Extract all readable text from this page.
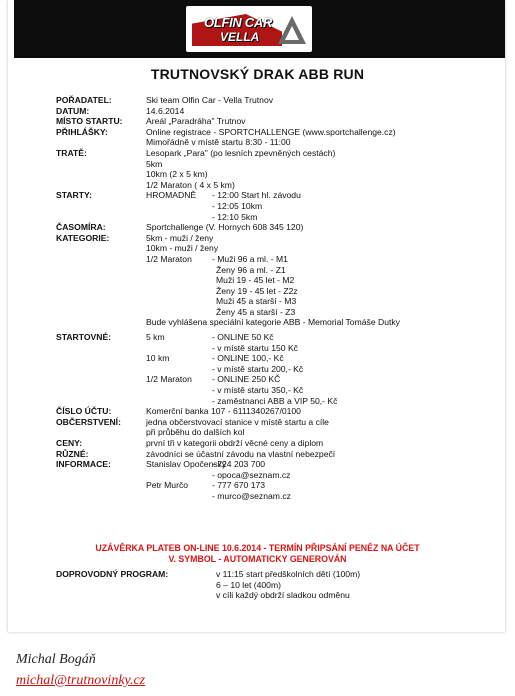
OLFIN CAR
VELLA
TRUTNOVSKÝ DRAK ABB RUN
POŘADATEL:	Ski team Olfin Car - Vella Trutnov
DATUM:	14.6.2014
MÍSTO STARTU:	Areál „Paradráha" Trutnov
PŘIHLÁŠKY:	Online registrace - SPORTCHALLENGE (www.sportchallenge.cz)
Mimořádně v místě startu 8:30 - 11:00
TRATĚ:	Lesopark „Para" (po lesních zpevněných cestách)
5km
10km (2 x 5 km)
1/2 Maraton ( 4 x 5 km)
STARTY:	HROMADNĚ - 12:00 Start hl. závodu
- 12:05 10km
- 12:10 5km
ČASOMÍRA:	Sportchallenge (V. Hornych 608 345 120)
KATEGORIE:	5km - muži / ženy
10km - muži / ženy
1/2 Maraton - Muži 96 a ml. - M1
Ženy 96 a ml. - Z1
Muži 19 - 45 let - M2
Ženy 19 - 45 let - Z2z
Muži 45 a starší - M3
Ženy 45 a starší - Z3
Bude vyhlášena speciální kategorie ABB - Memorial Tomáše Dutky
STARTOVNÉ:	5 km	- ONLINE 50 Kč
- v místě startu 150 Kč
10 km	- ONLINE 100,- Kč
- v místě startu 200,- Kč
1/2 Maraton - ONLINE 250 KČ
- v místě startu 350,- Kč
- zaměstnanci ABB a VIP 50,- Kč
ČÍSLO ÚČTU:	Komerční banka 107 - 6111340267/0100
OBČERSTVENÍ:	jedna občerstvovací stanice v místě startu a cíle
při průběhu do dalších kol
CENY:	první tři v kategorii obdrží věcné ceny a diplom
RŮZNÉ:	závodníci se účastní závodu na vlastní nebezpečí
INFORMACE:	Stanislav Opočenský
- 724 203 700
- opoca@seznam.cz
Petr Murčo	- 777 670 173
- murco@seznam.cz
UZÁVĚRKA PLATEB ON-LINE 10.6.2014 - TERMÍN PŘIPSÁNÍ PENĚZ NA ÚČET
V. SYMBOL - AUTOMATICKY GENEROVÁN
DOPROVODNÝ PROGRAM:	v 11:15 start předškolních dětí (100m)
6 – 10 let (400m)
v cíli každý obdrží sladkou odměnu
Michal Bogáň
michal@trutnovinky.cz
